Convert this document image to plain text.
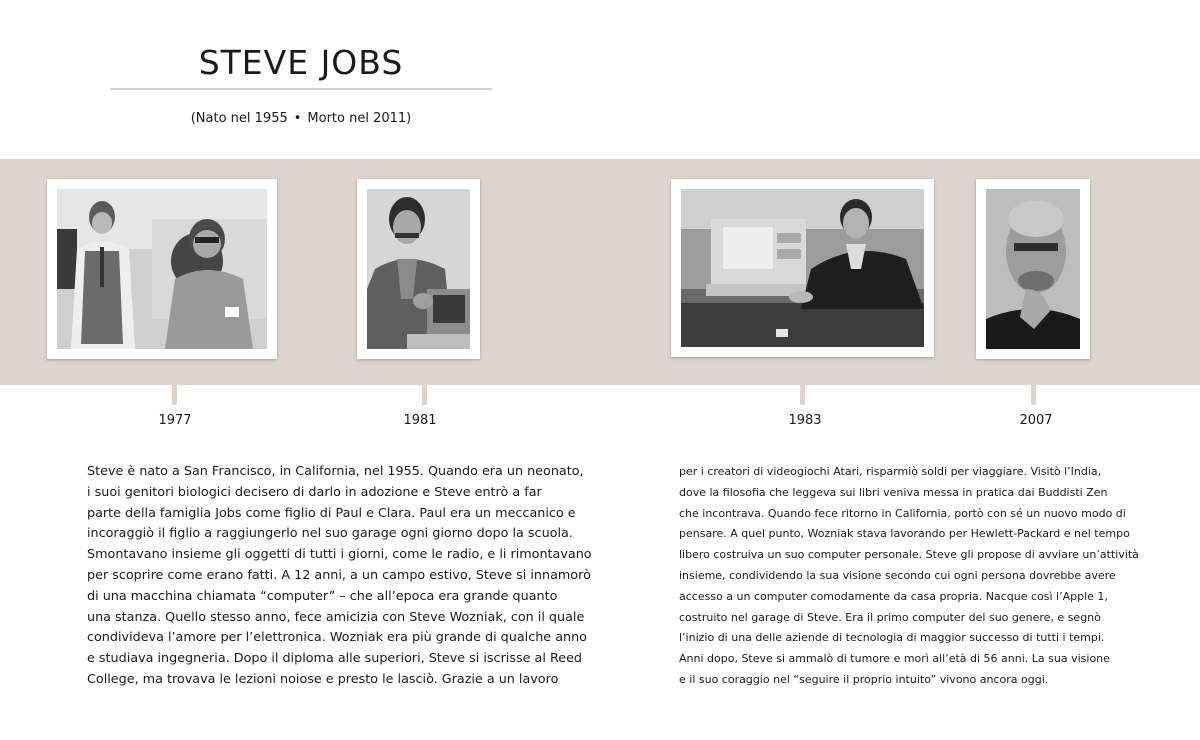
STEVE JOBS
(Nato nel 1955 • Morto nel 2011)
1977	1981	1983	2007
Steve è nato a San Francisco, in California, nel 1955. Quando era un neonato,
i suoi genitori biologici decisero di darlo in adozione e Steve entrò a far
parte della famiglia Jobs come figlio di Paul e Clara. Paul era un meccanico e
incoraggiò il figlio a raggiungerlo nel suo garage ogni giorno dopo la scuola.
Smontavano insieme gli oggetti di tutti i giorni, come le radio, e li rimontavano
per scoprire come erano fatti. A 12 anni, a un campo estivo, Steve si innamorò
di una macchina chiamata “computer” – che all’epoca era grande quanto
una stanza. Quello stesso anno, fece amicizia con Steve Wozniak, con il quale
condivideva l’amore per l’elettronica. Wozniak era più grande di qualche anno
e studiava ingegneria. Dopo il diploma alle superiori, Steve si iscrisse al Reed
College, ma trovava le lezioni noiose e presto le lasciò. Grazie a un lavoro
per i creatori di videogiochi Atari, risparmiò soldi per viaggiare. Visitò l’India,
dove la filosofia che leggeva sui libri veniva messa in pratica dai Buddisti Zen
che incontrava. Quando fece ritorno in California, portò con sé un nuovo modo di
pensare. A quel punto, Wozniak stava lavorando per Hewlett-Packard e nel tempo
libero costruiva un suo computer personale. Steve gli propose di avviare un’attività
insieme, condividendo la sua visione secondo cui ogni persona dovrebbe avere
accesso a un computer comodamente da casa propria. Nacque così l’Apple 1,
costruito nel garage di Steve. Era il primo computer del suo genere, e segnò
l’inizio di una delle aziende di tecnologia di maggior successo di tutti i tempi.
Anni dopo, Steve si ammalò di tumore e morì all’età di 56 anni. La sua visione
e il suo coraggio nel “seguire il proprio intuito” vivono ancora oggi.
